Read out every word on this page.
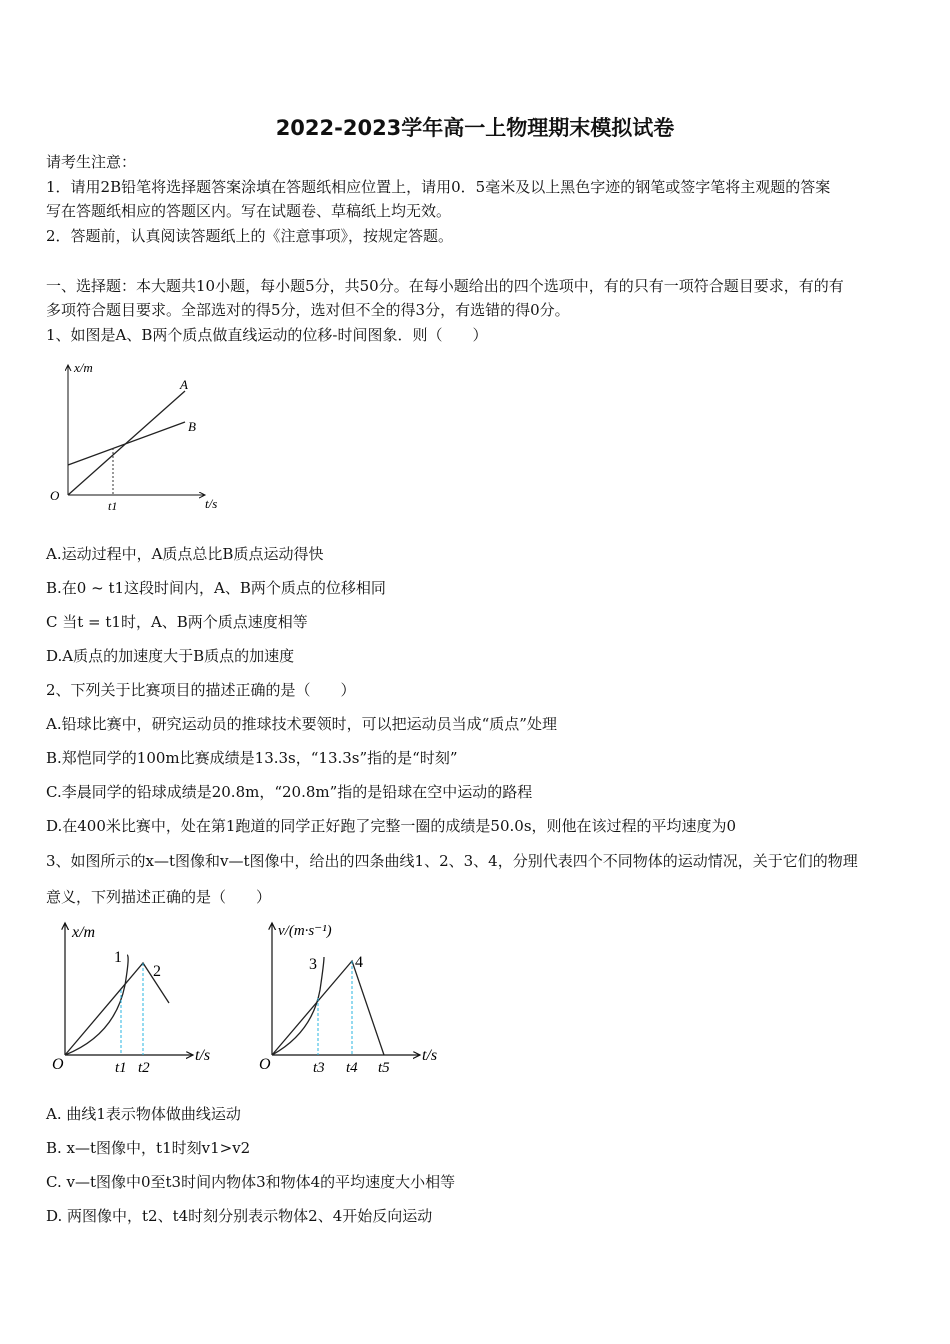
2022-2023学年高一上物理期末模拟试卷
请考生注意：
1．请用2B铅笔将选择题答案涂填在答题纸相应位置上，请用0．5毫米及以上黑色字迹的钢笔或签字笔将主观题的答案
写在答题纸相应的答题区内。写在试题卷、草稿纸上均无效。
2．答题前，认真阅读答题纸上的《注意事项》，按规定答题。
一、选择题：本大题共10小题，每小题5分，共50分。在每小题给出的四个选项中，有的只有一项符合题目要求，有的有
多项符合题目要求。全部选对的得5分，选对但不全的得3分，有选错的得0分。
1、如图是A、B两个质点做直线运动的位移-时间图象．则（　　）
x/m
t/s
O
t1
A
B
A.运动过程中，A质点总比B质点运动得快
B.在0 ~ t1这段时间内，A、B两个质点的位移相同
C 当t = t1时，A、B两个质点速度相等
D.A质点的加速度大于B质点的加速度
2、下列关于比赛项目的描述正确的是（　　）
A.铅球比赛中，研究运动员的推球技术要领时，可以把运动员当成“质点”处理
B.郑恺同学的100m比赛成绩是13.3s，“13.3s”指的是“时刻”
C.李晨同学的铅球成绩是20.8m，“20.8m”指的是铅球在空中运动的路程
D.在400米比赛中，处在第1跑道的同学正好跑了完整一圈的成绩是50.0s，则他在该过程的平均速度为0
3、如图所示的x—t图像和v—t图像中，给出的四条曲线1、2、3、4，分别代表四个不同物体的运动情况，关于它们的物理
意义，下列描述正确的是（　　）
x/m
t/s
O
1
2
t1 t2
v/(m·s⁻¹)
t/s
O
3 4
t3 t4 t5
A. 曲线1表示物体做曲线运动
B. x—t图像中，t1时刻v1>v2
C. v—t图像中0至t3时间内物体3和物体4的平均速度大小相等
D. 两图像中，t2、t4时刻分别表示物体2、4开始反向运动
